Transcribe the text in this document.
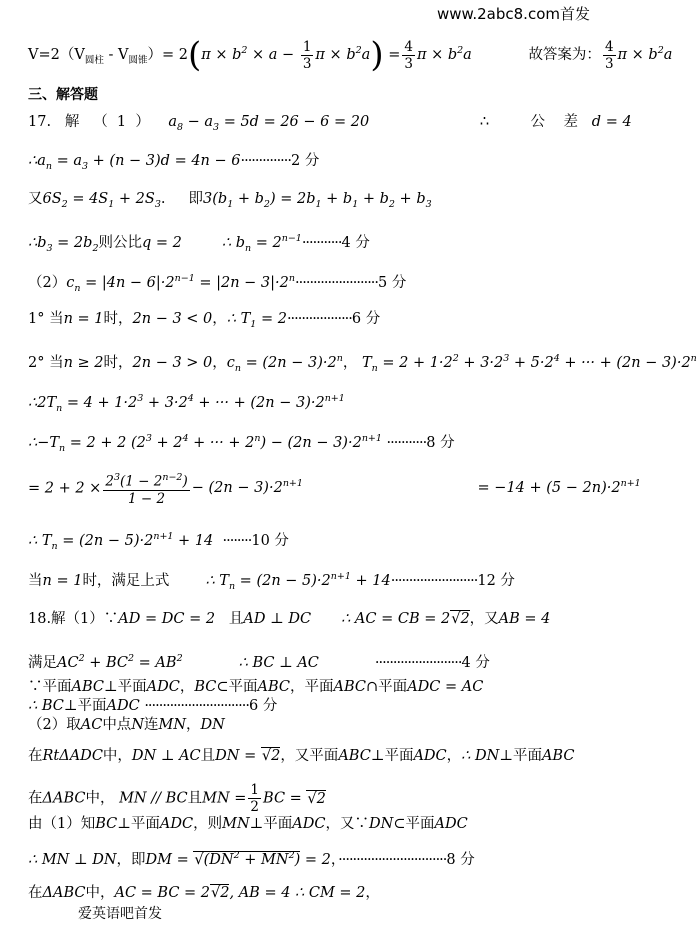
www.2abc8.com首发
$V=2(V_{圆柱} - V_{圆锥})= 2(\pi \times b^2 \times a - \frac{1}{3}$ $\pi \times b^2a) = \frac{4}{3}$ $\pi \times b^2a$	故答案为： $\frac{4}{3}$ $\pi \times b^2a$
三、解答题
17.   解   （  1  ）    $a_8 - a_3 = 5d = 26 - 6 = 20$	∴         公    差   d = 4
$\therefore a_n = a_3 + (n - 3)d = 4n - 6\cdot\cdot\cdot\cdot\cdot\cdot\cdot\cdot\cdot\cdot\cdot\cdot\cdot\cdot 2$ 分
又$6S_2 = 4S_1 + 2S_3$.     即$3(b_1 + b_2) = 2b_1 + b_1 + b_2 + b_3$
$\therefore b_3 = 2b_2$则公比q = 2	∴ $b_n = 2^{n-1}\cdot\cdot\cdot\cdot\cdot\cdot\cdot\cdot\cdot\cdot\cdot 4$ 分
$(2)c_n = |4n - 6|\cdot 2^{n-1} = |2n - 3|\cdot 2^n\cdot\cdot\cdot\cdot\cdot\cdot\cdot\cdot\cdot\cdot\cdot\cdot\cdot\cdot\cdot\cdot\cdot\cdot\cdot\cdot\cdot\cdot\cdot 5$ 分
1° 当n = 1时，2n − 3 < 0，∴ $T_1 = 2\cdot\cdot\cdot\cdot\cdot\cdot\cdot\cdot\cdot\cdot\cdot\cdot\cdot\cdot\cdot\cdot\cdot\cdot 6$ 分
2° 当n ≥ 2时，2n − 3 > 0，$c_n = (2n - 3)\cdot 2^n$， $T_n = 2 + 1\cdot 2^2 + 3\cdot 2^3 + 5\cdot 2^4$ + ··· + $(2n - 3)\cdot 2^n$
$\therefore 2T_n = 4 + 1\cdot 2^3 + 3\cdot 2^4$ + ··· + $(2n - 3)\cdot 2^{n+1}$
$\therefore-T_n = 2 + 2$ ($2^3 + 2^4$ + ··· + $2^n) - (2n - 3)\cdot 2^{n+1} \cdot\cdot\cdot\cdot\cdot\cdot\cdot\cdot\cdot\cdot\cdot 8$ 分
= $2 + 2 \times \frac{2^3(1 - 2^{n-2})}{1 - 2} - (2n - 3)\cdot 2^{n+1}$	= $-14 + (5 - 2n)\cdot 2^{n+1}$
∴ $T_n = (2n - 5)\cdot 2^{n+1} + 14 \cdot\cdot\cdot\cdot\cdot\cdot\cdot\cdot 10$ 分
当n = 1时，满足上式 ∴ $T_n = (2n - 5)\cdot 2^{n+1} + 14\cdot\cdot\cdot\cdot\cdot\cdot\cdot\cdot\cdot\cdot\cdot\cdot\cdot\cdot\cdot\cdot\cdot\cdot\cdot\cdot\cdot\cdot\cdot\cdot 12$ 分
18.解（1）∵AD = DC = 2   且AD ⊥ DC ∴ AC = CB = 2√2，又AB = 4
满足$AC^2 + BC^2 = AB^2$	∴ BC ⊥ AC	························4 分
∵平面ABC⊥平面ADC，BC⊂平面ABC，平面ABC∩平面ADC = AC
∴ BC⊥平面ADC ·····························6 分
（2）取AC中点N连MN，DN
在RtΔADC中，DN ⊥ AC且DN = √2，又平面ABC⊥平面ADC，∴ DN⊥平面ABC
在ΔABC中， MN // BC且MN = $\frac{1}{2}$ BC = √2
由（1）知BC⊥平面ADC，则MN⊥平面ADC，又∵DN⊂平面ADC
∴ MN ⊥ DN，即DM = $√(DN^2 + MN^2) = 2$，······························8 分
在ΔABC中，AC = BC = 2√2, AB = 4 ∴ CM = 2，
爱英语吧首发
